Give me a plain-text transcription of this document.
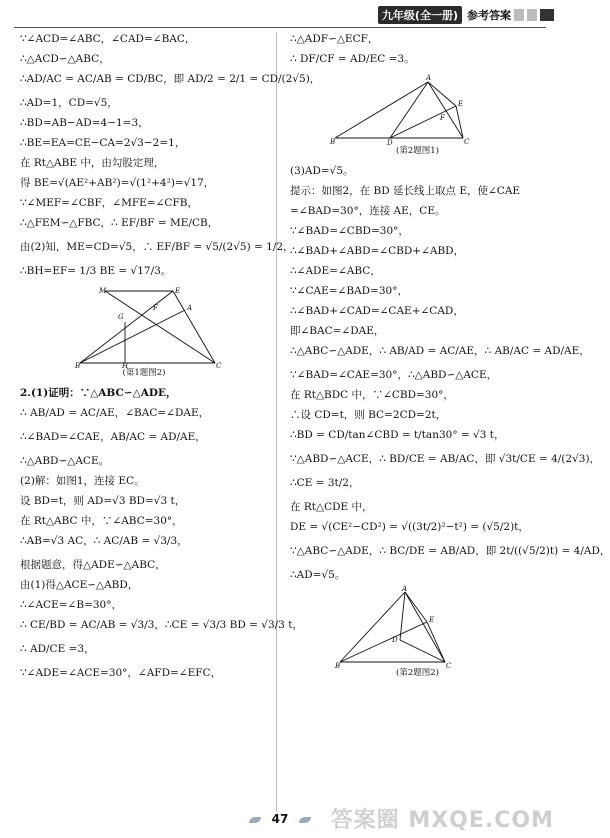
九年级(全一册) 参考答案
∵∠ACD=∠ABC，∠CAD=∠BAC，
∴△ACD∽△ABC，
∴AD/AC = AC/AB = CD/BC，即 AD/2 = 2/1 = CD/(2√5)，
∴AD=1，CD=√5，
∴BD=AB−AD=4−1=3，
∴BE=EA=CE−CA=2√3−2=1，
在 Rt△ABE 中，由勾股定理，
得 BE=√(AE²+AB²)=√(1²+4²)=√17，
∵∠MEF=∠CBF，∠MFE=∠CFB，
∴△FEM∽△FBC，∴ EF/BF = ME/CB，
由(2)知，ME=CD=√5，∴ EF/BF = √5/(2√5) = 1/2，
∴BH=EF= 1/3 BE = √17/3。
M	E
F
G
A
B	H	C
(第1题图2)
2.(1)证明：∵△ABC∽△ADE，
∴ AB/AD = AC/AE，∠BAC=∠DAE，
∴∠BAD=∠CAE，AB/AC = AD/AE，
∴△ABD∽△ACE。
(2)解：如图1，连接 EC。
设 BD=t，则 AD=√3 BD=√3 t，
在 Rt△ABC 中，∵∠ABC=30°，
∴AB=√3 AC，∴ AC/AB = √3/3，
根据题意，得△ADE∽△ABC，
由(1)得△ACE∽△ABD，
∴∠ACE=∠B=30°，
∴ CE/BD = AC/AB = √3/3，∴CE = √3/3 BD = √3/3 t，
∴ AD/CE =3，
∵∠ADE=∠ACE=30°，∠AFD=∠EFC，
∴△ADF∽△ECF，
∴ DF/CF = AD/EC =3。
A
E
F
B	D	C
(第2题图1)
(3)AD=√5。
提示：如图2，在 BD 延长线上取点 E，使∠CAE
=∠BAD=30°，连接 AE，CE。
∵∠BAD=∠CBD=30°，
∴∠BAD+∠ABD=∠CBD+∠ABD，
∴∠ADE=∠ABC，
∵∠CAE=∠BAD=30°，
∴∠BAD+∠CAD=∠CAE+∠CAD，
即∠BAC=∠DAE，
∴△ABC∽△ADE，∴ AB/AD = AC/AE，∴ AB/AC = AD/AE，
∵∠BAD=∠CAE=30°，∴△ABD∽△ACE，
在 Rt△BDC 中，∵∠CBD=30°，
∴设 CD=t，则 BC=2CD=2t，
∴BD = CD/tan∠CBD = t/tan30° = √3 t，
∵△ABD∽△ACE，∴ BD/CE = AB/AC，即 √3t/CE = 4/(2√3)，
∴CE = 3t/2，
在 Rt△CDE 中，
DE = √(CE²−CD²) = √((3t/2)²−t²) = (√5/2)t，
∵△ABC∽△ADE，∴ BC/DE = AB/AD，即 2t/((√5/2)t) = 4/AD，
∴AD=√5。
A
E
D
B	C
(第2题图2)
47	答案圈 MXQE.COM
